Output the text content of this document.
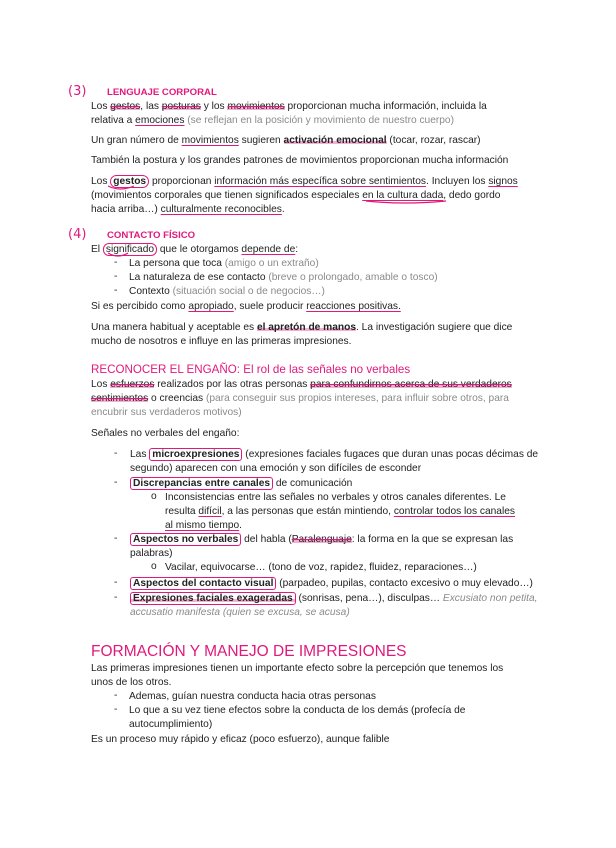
(3) LENGUAJE CORPORAL
Los gestos, las posturas y los movimientos proporcionan mucha información, incluida la
relativa a emociones (se reflejan en la posición y movimiento de nuestro cuerpo)
Un gran número de movimientos sugieren activación emocional (tocar, rozar, rascar)
También la postura y los grandes patrones de movimientos proporcionan mucha información
Los gestos proporcionan información más específica sobre sentimientos. Incluyen los signos
(movimientos corporales que tienen significados especiales en la cultura dada, dedo gordo
hacia arriba…) culturalmente reconocibles.
(4) CONTACTO FÍSICO
El significado que le otorgamos depende de:
- La persona que toca (amigo o un extraño)
- La naturaleza de ese contacto (breve o prolongado, amable o tosco)
- Contexto (situación social o de negocios…)
Si es percibido como apropiado, suele producir reacciones positivas.
Una manera habitual y aceptable es el apretón de manos. La investigación sugiere que dice
mucho de nosotros e influye en las primeras impresiones.
RECONOCER EL ENGAÑO: El rol de las señales no verbales
Los esfuerzos realizados por las otras personas para confundirnos acerca de sus verdaderos
sentimientos o creencias (para conseguir sus propios intereses, para influir sobre otros, para
encubrir sus verdaderos motivos)
Señales no verbales del engaño:
- Las microexpresiones (expresiones faciales fugaces que duran unas pocas décimas de
segundo) aparecen con una emoción y son difíciles de esconder
- Discrepancias entre canales de comunicación
o Inconsistencias entre las señales no verbales y otros canales diferentes. Le
resulta difícil, a las personas que están mintiendo, controlar todos los canales
al mismo tiempo.
- Aspectos no verbales del habla (Paralenguaje: la forma en la que se expresan las
palabras)
o Vacilar, equivocarse… (tono de voz, rapidez, fluidez, reparaciones…)
- Aspectos del contacto visual (parpadeo, pupilas, contacto excesivo o muy elevado…)
- Expresiones faciales exageradas (sonrisas, pena…), disculpas… Excusiato non petita,
accusatio manifesta (quien se excusa, se acusa)
FORMACIÓN Y MANEJO DE IMPRESIONES
Las primeras impresiones tienen un importante efecto sobre la percepción que tenemos los
unos de los otros.
- Ademas, guían nuestra conducta hacia otras personas
- Lo que a su vez tiene efectos sobre la conducta de los demás (profecía de
autocumplimiento)
Es un proceso muy rápido y eficaz (poco esfuerzo), aunque falible
